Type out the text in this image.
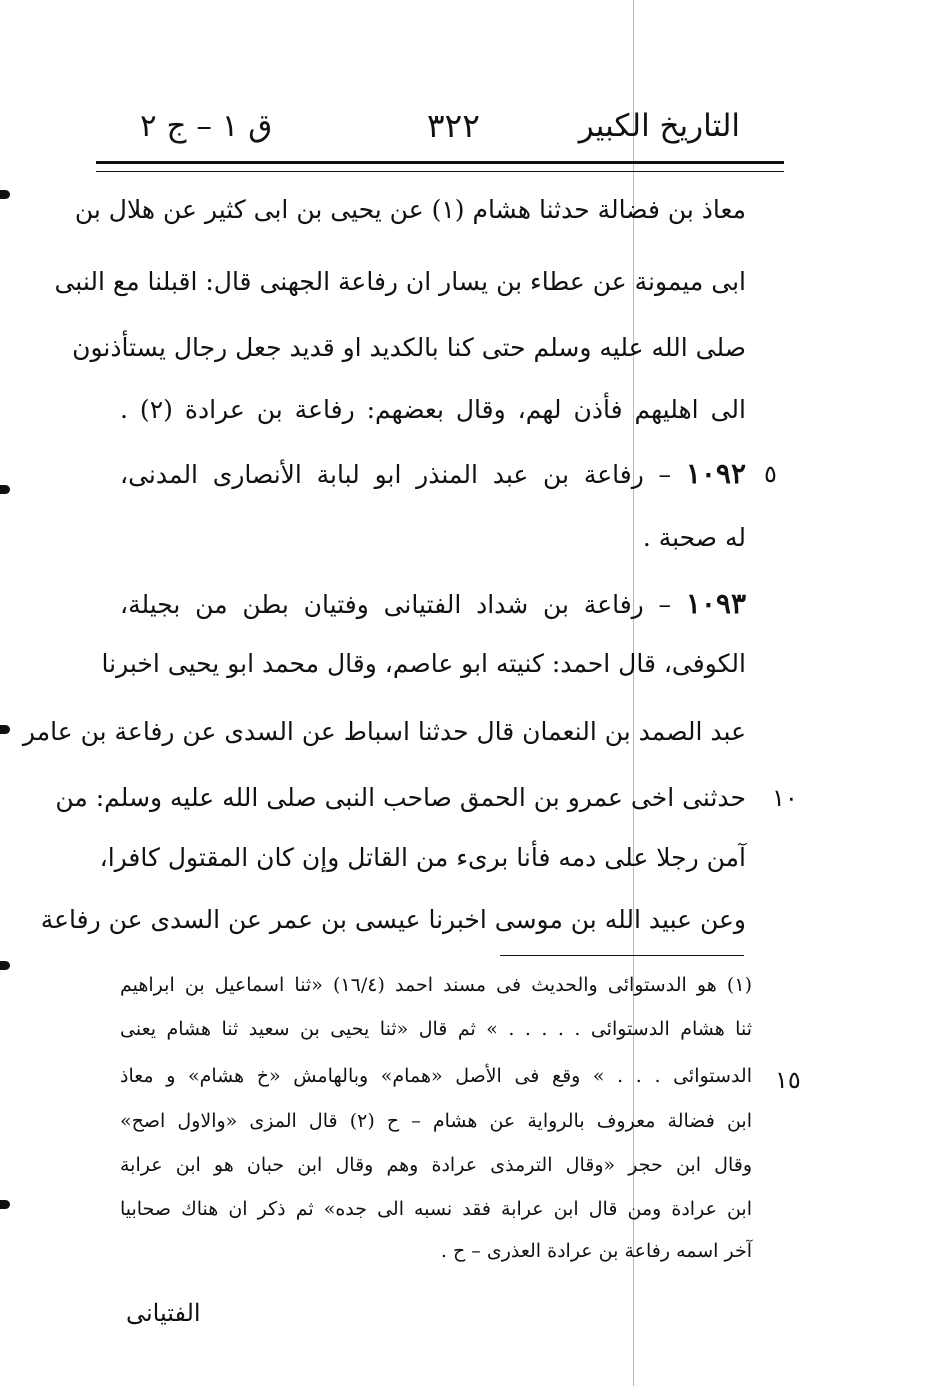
التاريخ الكبير
٣٢٢
ق ١ – ج ٢
معاذ بن فضالة حدثنا هشام (١) عن يحيى بن ابى كثير عن هلال بن
ابى ميمونة عن عطاء بن يسار ان رفاعة الجهنى قال: اقبلنا مع النبى
صلى الله عليه وسلم حتى كنا بالكديد او قديد جعل رجال يستأذنون
الى اهليهم فأذن لهم، وقال بعضهم: رفاعة بن عرادة (٢) .
٥
١٠٩٢ – رفاعة بن عبد المنذر ابو لبابة الأنصارى المدنى،
له صحبة .
١٠٩٣ – رفاعة بن شداد الفتيانى وفتيان بطن من بجيلة،
الكوفى، قال احمد: كنيته ابو عاصم، وقال محمد ابو يحيى اخبرنا
عبد الصمد بن النعمان قال حدثنا اسباط عن السدى عن رفاعة بن عامر
١٠
حدثنى اخى عمرو بن الحمق صاحب النبى صلى الله عليه وسلم: من
آمن رجلا على دمه فأنا برىء من القاتل وإن كان المقتول كافرا،
وعن عبيد الله بن موسى اخبرنا عيسى بن عمر عن السدى عن رفاعة
(١) هو الدستوائى والحديث فى مسند احمد (١٦/٤) «ثنا اسماعيل بن ابراهيم
ثنا هشام الدستوائى . . . . . » ثم قال «ثنا يحيى بن سعيد ثنا هشام يعنى
١٥
الدستوائى . . . » وقع فى الأصل «همام» وبالهامش «خ هشام» و معاذ
ابن فضالة معروف بالرواية عن هشام – ح (٢) قال المزى «والاول اصح»
وقال ابن حجر «وقال الترمذى عرادة وهم وقال ابن حبان هو ابن عرابة
ابن عرادة ومن قال ابن عرابة فقد نسبه الى جده» ثم ذكر ان هناك صحابيا
آخر اسمه رفاعة بن عرادة العذرى – ح .
الفتيانى
